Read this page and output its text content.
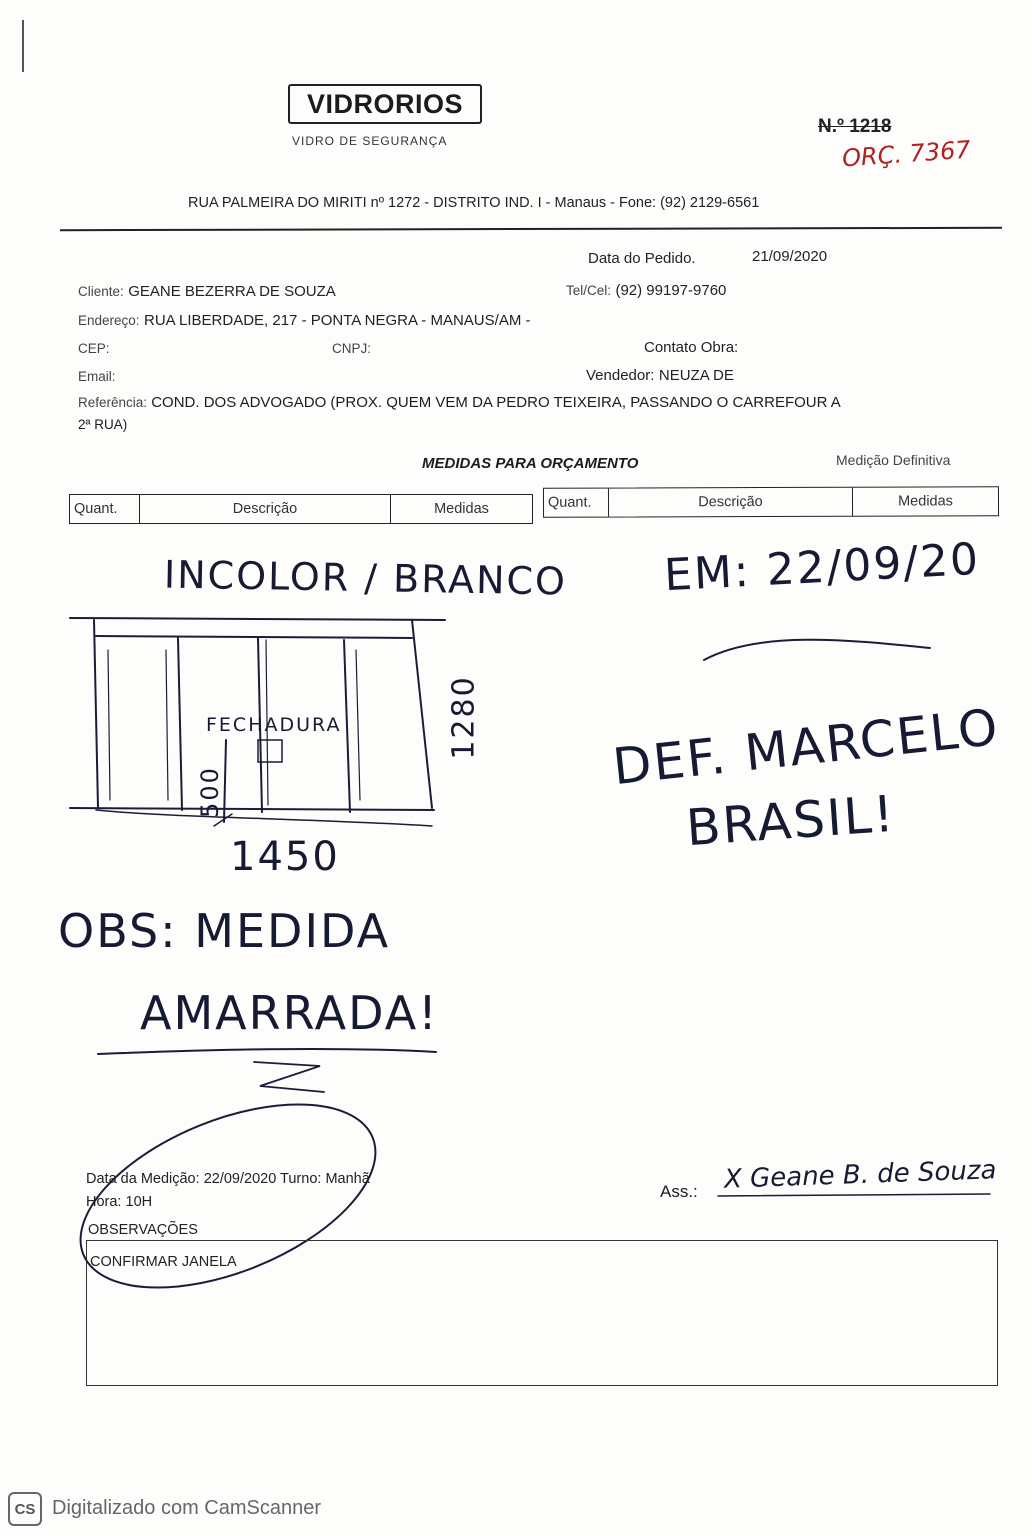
VIDRORIOS
VIDRO DE SEGURANÇA
N.º 1218
ORÇ. 7367
RUA PALMEIRA DO MIRITI nº 1272 - DISTRITO IND. I - Manaus - Fone: (92) 2129-6561
Data do Pedido.	21/09/2020
Cliente: GEANE BEZERRA DE SOUZA	Tel/Cel: (92) 99197-9760
Endereço: RUA LIBERDADE, 217 - PONTA NEGRA - MANAUS/AM -
CEP:	CNPJ:	Contato Obra:
Email:	Vendedor: NEUZA DE
Referência: COND. DOS ADVOGADO (PROX. QUEM VEM DA PEDRO TEIXEIRA, PASSANDO O CARREFOUR A
2ª RUA)
MEDIDAS PARA ORÇAMENTO	Medição Definitiva
Quant.	Descrição	Medidas	Quant.	Descrição	Medidas
INCOLOR / BRANCO
FECHADURA
500
1280
1450
OBS: MEDIDA
AMARRADA!
EM: 22/09/20
DEF. MARCELO
BRASIL!
Data da Medição: 22/09/2020 Turno: Manhã
Hora: 10H
OBSERVAÇÕES
Ass.: X Geane B. de Souza
CONFIRMAR JANELA
CS Digitalizado com CamScanner
